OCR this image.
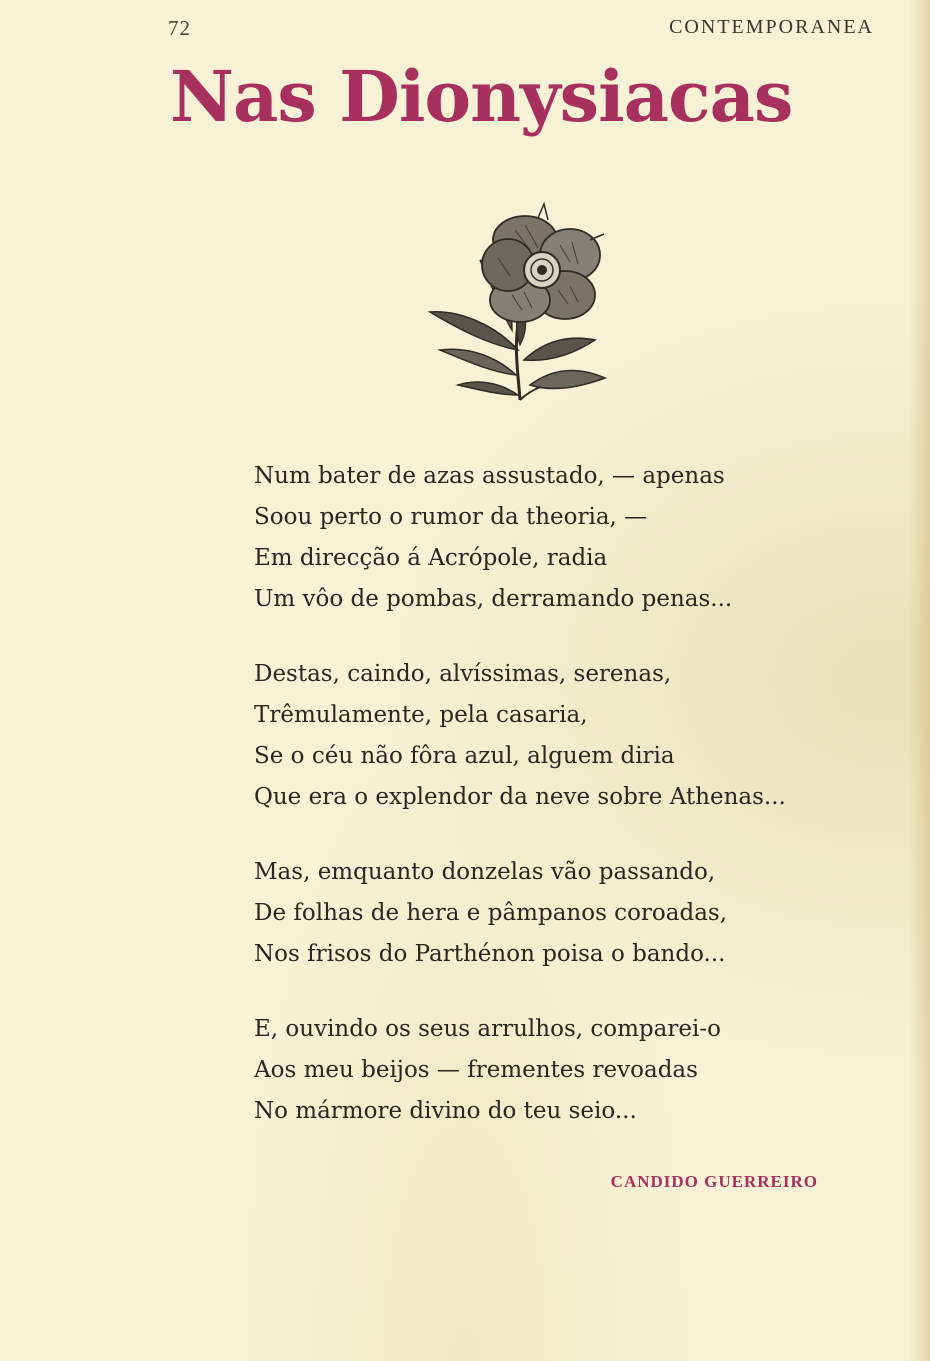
72	CONTEMPORANEA
Nas Dionysiacas
Num bater de azas assustado, — apenas
Soou perto o rumor da theoria, —
Em direcção á Acrópole, radia
Um vôo de pombas, derramando penas...
Destas, caindo, alvíssimas, serenas,
Trêmulamente, pela casaria,
Se o céu não fôra azul, alguem diria
Que era o explendor da neve sobre Athenas...
Mas, emquanto donzelas vão passando,
De folhas de hera e pâmpanos coroadas,
Nos frisos do Parthénon poisa o bando...
E, ouvindo os seus arrulhos, comparei-o
Aos meu beijos — frementes revoadas
No mármore divino do teu seio...
CANDIDO GUERREIRO
